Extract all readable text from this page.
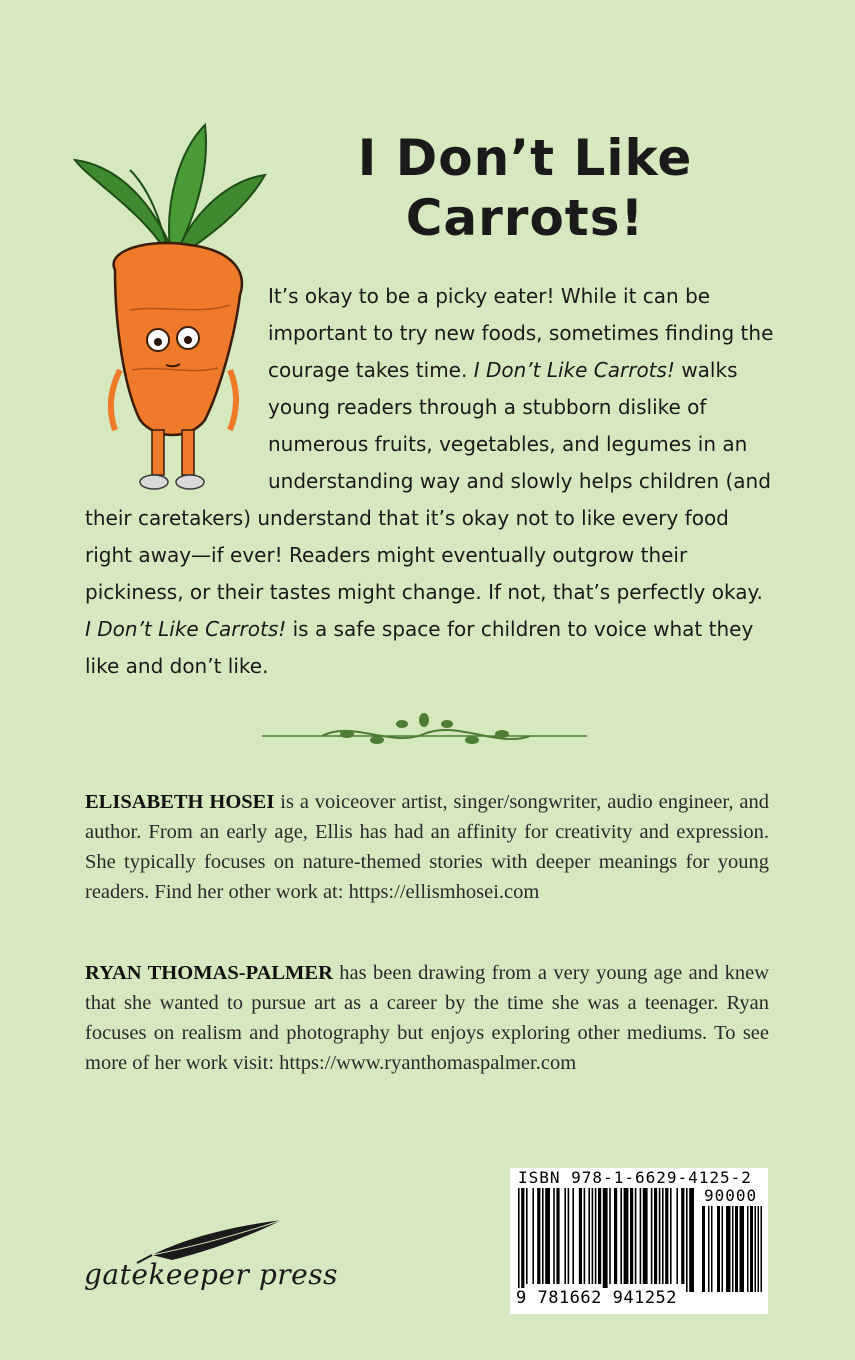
I Don’t Like
Carrots!
It’s okay to be a picky eater! While it can be important to try new foods, sometimes finding the courage takes time. I Don’t Like Carrots! walks young readers through a stubborn dislike of numerous fruits, vegetables, and legumes in an understanding way and slowly helps children (and their caretakers) understand that it’s okay not to like every food right away—if ever! Readers might eventually outgrow their pickiness, or their tastes might change. If not, that’s perfectly okay. I Don’t Like Carrots! is a safe space for children to voice what they like and don’t like.
ELISABETH HOSEI is a voiceover artist, singer/songwriter, audio engineer, and author. From an early age, Ellis has had an affinity for creativity and expression. She typically focuses on nature-themed stories with deeper meanings for young readers. Find her other work at: https://ellismhosei.com
RYAN THOMAS-PALMER has been drawing from a very young age and knew that she wanted to pursue art as a career by the time she was a teenager. Ryan focuses on realism and photography but enjoys exploring other mediums. To see more of her work visit: https://www.ryanthomaspalmer.com
gatekeeper press
ISBN 978-1-6629-4125-2
90000
9 781662 941252
